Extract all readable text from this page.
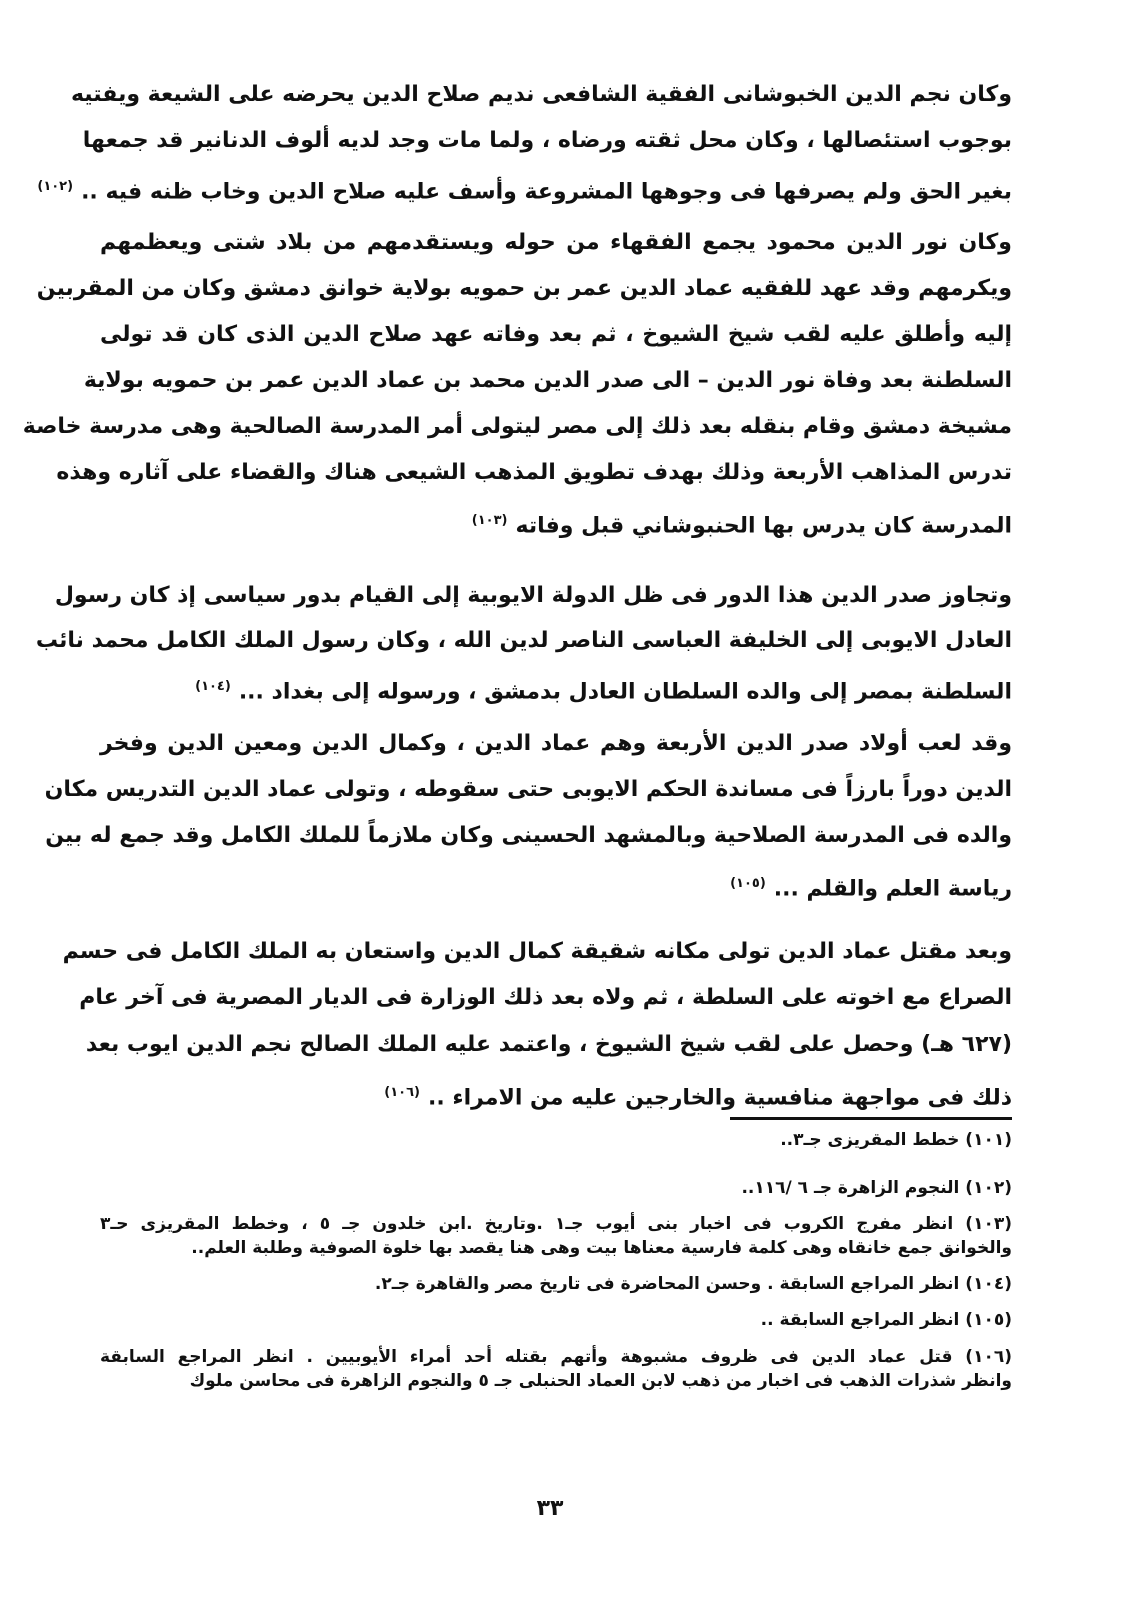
وكان نجم الدين الخبوشانى الفقية الشافعى نديم صلاح الدين يحرضه على الشيعة ويفتيه
بوجوب استئصالها ، وكان محل ثقته ورضاه ، ولما مات وجد لديه ألوف الدنانير قد جمعها
بغير الحق ولم يصرفها فى وجوهها المشروعة وأسف عليه صلاح الدين وخاب ظنه فيه ..$^{(١٠٢)}$
وكان نور الدين محمود يجمع الفقهاء من حوله ويستقدمهم من بلاد شتى ويعظمهم
ويكرمهم وقد عهد للفقيه عماد الدين عمر بن حمويه بولاية خوانق دمشق وكان من المقربين
إليه وأطلق عليه لقب شيخ الشيوخ ، ثم بعد وفاته عهد صلاح الدين الذى كان قد تولى
السلطنة بعد وفاة نور الدين – الى صدر الدين محمد بن عماد الدين عمر بن حمويه بولاية
مشيخة دمشق وقام بنقله بعد ذلك إلى مصر ليتولى أمر المدرسة الصالحية وهى مدرسة خاصة
تدرس المذاهب الأربعة وذلك بهدف تطويق المذهب الشيعى هناك والقضاء على آثاره وهذه
المدرسة كان يدرس بها الحنبوشاني قبل وفاته$^{(١٠٣)}$
وتجاوز صدر الدين هذا الدور فى ظل الدولة الايوبية إلى القيام بدور سياسى إذ كان رسول
العادل الايوبى إلى الخليفة العباسى الناصر لدين الله ، وكان رسول الملك الكامل محمد نائب
السلطنة بمصر إلى والده السلطان العادل بدمشق ، ورسوله إلى بغداد ...$^{(١٠٤)}$
وقد لعب أولاد صدر الدين الأربعة وهم عماد الدين ، وكمال الدين ومعين الدين وفخر
الدين دوراً بارزاً فى مساندة الحكم الايوبى حتى سقوطه ، وتولى عماد الدين التدريس مكان
والده فى المدرسة الصلاحية وبالمشهد الحسينى وكان ملازماً للملك الكامل وقد جمع له بين
رياسة العلم والقلم ...$^{(١٠٥)}$
وبعد مقتل عماد الدين تولى مكانه شقيقة كمال الدين واستعان به الملك الكامل فى حسم
الصراع مع اخوته على السلطة ، ثم ولاه بعد ذلك الوزارة فى الديار المصرية فى آخر عام
(٦٢٧ هـ) وحصل على لقب شيخ الشيوخ ، واعتمد عليه الملك الصالح نجم الدين ايوب بعد
ذلك فى مواجهة منافسية والخارجين عليه من الامراء ..$^{(١٠٦)}$
(١٠١) خطط المقريزى جـ٣..
(١٠٢) النجوم الزاهرة جـ ٦ /١١٦..
(١٠٣) انظر مفرج الكروب فى اخبار بنى أيوب جـ١ .وتاريخ .ابن خلدون جـ ٥ ، وخطط المقريزى حـ٣
والخوانق جمع خانقاه وهى كلمة فارسية معناها بيت وهى هنا يقصد بها خلوة الصوفية وطلبة العلم..
(١٠٤) انظر المراجع السابقة . وحسن المحاضرة فى تاريخ مصر والقاهرة جـ٢.
(١٠٥) انظر المراجع السابقة ..
(١٠٦) قتل عماد الدين فى ظروف مشبوهة وأتهم بقتله أحد أمراء الأيوبيين . انظر المراجع السابقة
وانظر شذرات الذهب فى اخبار من ذهب لابن العماد الحنبلى جـ ٥ والنجوم الزاهرة فى محاسن ملوك
٣٣
